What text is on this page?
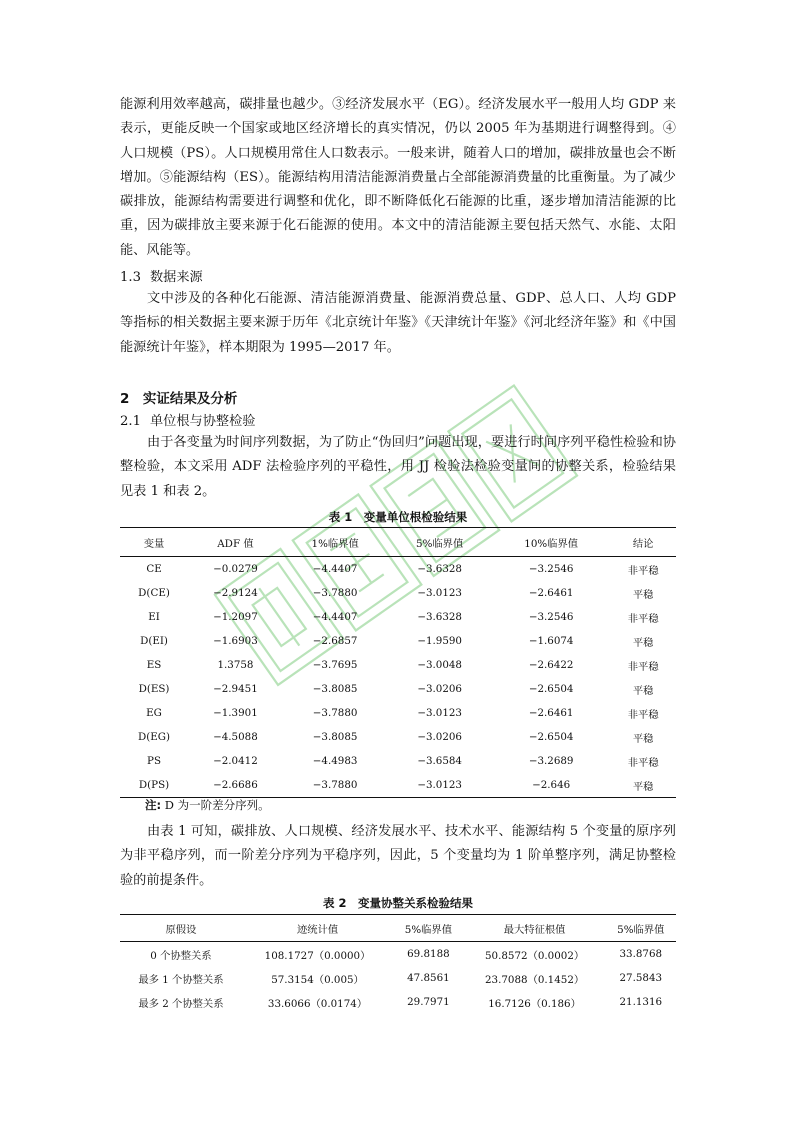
能源利用效率越高，碳排量也越少。③经济发展水平（EG）。经济发展水平一般用人均 GDP 来表示，更能反映一个国家或地区经济增长的真实情况，仍以 2005 年为基期进行调整得到。④人口规模（PS）。人口规模用常住人口数表示。一般来讲，随着人口的增加，碳排放量也会不断增加。⑤能源结构（ES）。能源结构用清洁能源消费量占全部能源消费量的比重衡量。为了减少碳排放，能源结构需要进行调整和优化，即不断降低化石能源的比重，逐步增加清洁能源的比重，因为碳排放主要来源于化石能源的使用。本文中的清洁能源主要包括天然气、水能、太阳能、风能等。
1.3 数据来源
文中涉及的各种化石能源、清洁能源消费量、能源消费总量、GDP、总人口、人均 GDP 等指标的相关数据主要来源于历年《北京统计年鉴》《天津统计年鉴》《河北经济年鉴》和《中国能源统计年鉴》，样本期限为 1995—2017 年。
2　实证结果及分析
2.1 单位根与协整检验
由于各变量为时间序列数据，为了防止“伪回归”问题出现，要进行时间序列平稳性检验和协整检验，本文采用 ADF 法检验序列的平稳性，用 JJ 检验法检验变量间的协整关系，检验结果见表 1 和表 2。
表 1　变量单位根检验结果
变量	ADF 值	1%临界值	5%临界值	10%临界值	结论
CE	−0.0279	−4.4407	−3.6328	−3.2546	非平稳
D(CE)	−2.9124	−3.7880	−3.0123	−2.6461	平稳
EI	−1.2097	−4.4407	−3.6328	−3.2546	非平稳
D(EI)	−1.6903	−2.6857	−1.9590	−1.6074	平稳
ES	1.3758	−3.7695	−3.0048	−2.6422	非平稳
D(ES)	−2.9451	−3.8085	−3.0206	−2.6504	平稳
EG	−1.3901	−3.7880	−3.0123	−2.6461	非平稳
D(EG)	−4.5088	−3.8085	−3.0206	−2.6504	平稳
PS	−2.0412	−4.4983	−3.6584	−3.2689	非平稳
D(PS)	−2.6686	−3.7880	−3.0123	−2.646	平稳
注: D 为一阶差分序列。
由表 1 可知，碳排放、人口规模、经济发展水平、技术水平、能源结构 5 个变量的原序列为非平稳序列，而一阶差分序列为平稳序列，因此，5 个变量均为 1 阶单整序列，满足协整检验的前提条件。
表 2　变量协整关系检验结果
原假设	迹统计值	5%临界值	最大特征根值	5%临界值
0 个协整关系	108.1727（0.0000）	69.8188	50.8572（0.0002）	33.8768
最多 1 个协整关系	57.3154（0.005）	47.8561	23.7088（0.1452）	27.5843
最多 2 个协整关系	33.6066（0.0174）	29.7971	16.7126（0.186）	21.1316
